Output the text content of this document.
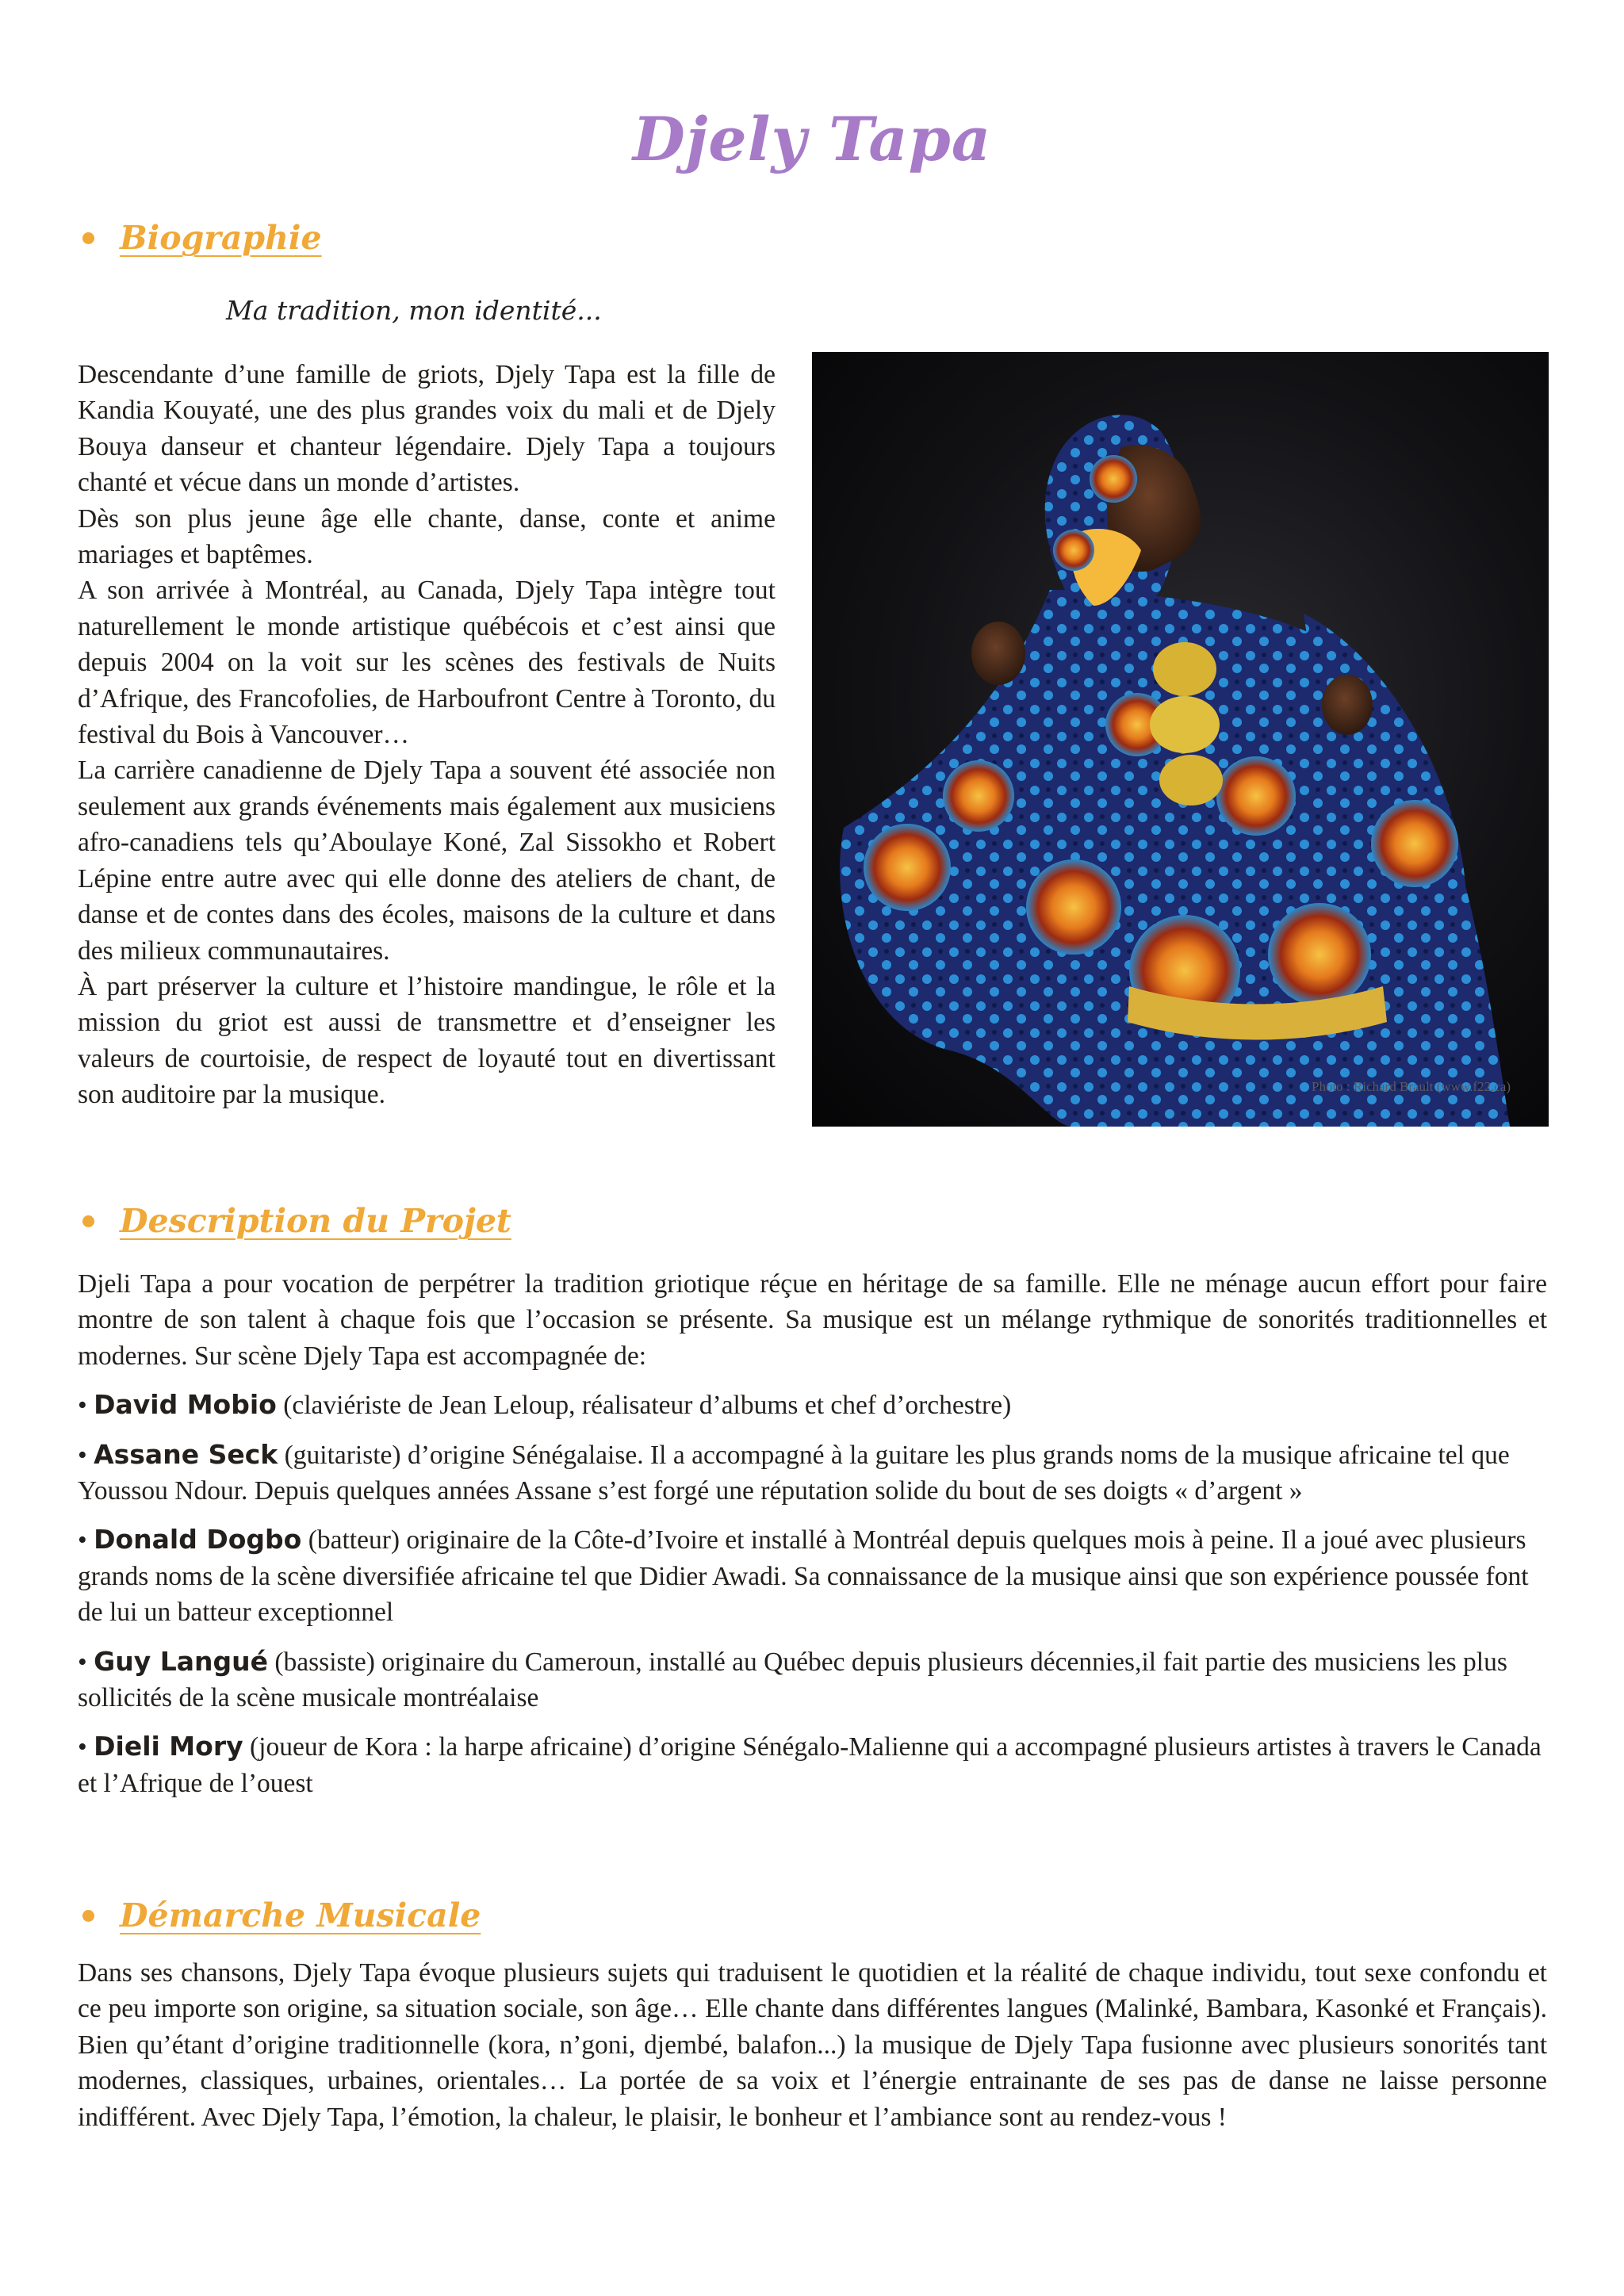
Djely Tapa
Biographie
Ma tradition, mon identité...

Descendante d’une famille de griots, Djely Tapa est la fille de Kandia Kouyaté, une des plus grandes voix du mali et de Djely Bouya danseur et chanteur légendaire. Djely Tapa a toujours chanté et vécue dans un monde d’artistes.

Dès son plus jeune âge elle chante, danse, conte et anime mariages et baptêmes.

A son arrivée à Montréal, au Canada, Djely Tapa intègre tout naturellement le monde artistique québécois et c’est ainsi que depuis 2004 on la voit sur les scènes des festivals de Nuits d’Afrique, des Francofolies, de Harboufront Centre à Toronto, du festival du Bois à Vancouver…

La carrière canadienne de Djely Tapa a souvent été associée non seulement aux grands événements mais également aux musiciens afro-canadiens tels qu’Aboulaye Koné, Zal Sissokho et Robert Lépine entre autre avec qui elle donne des ateliers de chant, de danse et de contes dans des écoles, maisons de la culture et dans des milieux communautaires.

À part préserver la culture et l’histoire mandingue, le rôle et la mission du griot est aussi de transmettre et d’enseigner les valeurs de courtoisie, de respect de loyauté tout en divertissant son auditoire par la musique.	Photo : Richard Brault (www.f22.ca)
Description du Projet

Djeli Tapa a pour vocation de perpétrer la tradition griotique réçue en héritage de sa famille. Elle ne ménage aucun effort pour faire montre de son talent à chaque fois que l’occasion se présente. Sa musique est un mélange rythmique de sonorités traditionnelles et modernes. Sur scène Djely Tapa est accompagnée de:

• David Mobio (claviériste de Jean Leloup, réalisateur d’albums et chef d’orchestre)

• Assane Seck (guitariste) d’origine Sénégalaise. Il a accompagné à la guitare les plus grands noms de la musique africaine tel que Youssou Ndour. Depuis quelques années Assane s’est forgé une réputation solide du bout de ses doigts « d’argent »

• Donald Dogbo (batteur) originaire de la Côte-d’Ivoire et installé à Montréal depuis quelques mois à peine. Il a joué avec plusieurs grands noms de la scène diversifiée africaine tel que Didier Awadi. Sa connaissance de la musique ainsi que son expérience poussée font de lui un batteur exceptionnel

• Guy Langué (bassiste) originaire du Cameroun, installé au Québec depuis plusieurs décennies,il fait partie des musiciens les plus sollicités de la scène musicale montréalaise

• Dieli Mory (joueur de Kora : la harpe africaine) d’origine Sénégalo-Malienne qui a accompagné plusieurs artistes à travers le Canada et l’Afrique de l’ouest

Démarche Musicale

Dans ses chansons, Djely Tapa évoque plusieurs sujets qui traduisent le quotidien et la réalité de chaque individu, tout sexe confondu et ce peu importe son origine, sa situation sociale, son âge… Elle chante dans différentes langues (Malinké, Bambara, Kasonké et Français). Bien qu’étant d’origine traditionnelle (kora, n’goni, djembé, balafon...) la musique de Djely Tapa fusionne avec plusieurs sonorités tant modernes, classiques, urbaines, orientales… La portée de sa voix et l’énergie entrainante de ses pas de danse ne laisse personne indifférent. Avec Djely Tapa, l’émotion, la chaleur, le plaisir, le bonheur et l’ambiance sont au rendez-vous !
